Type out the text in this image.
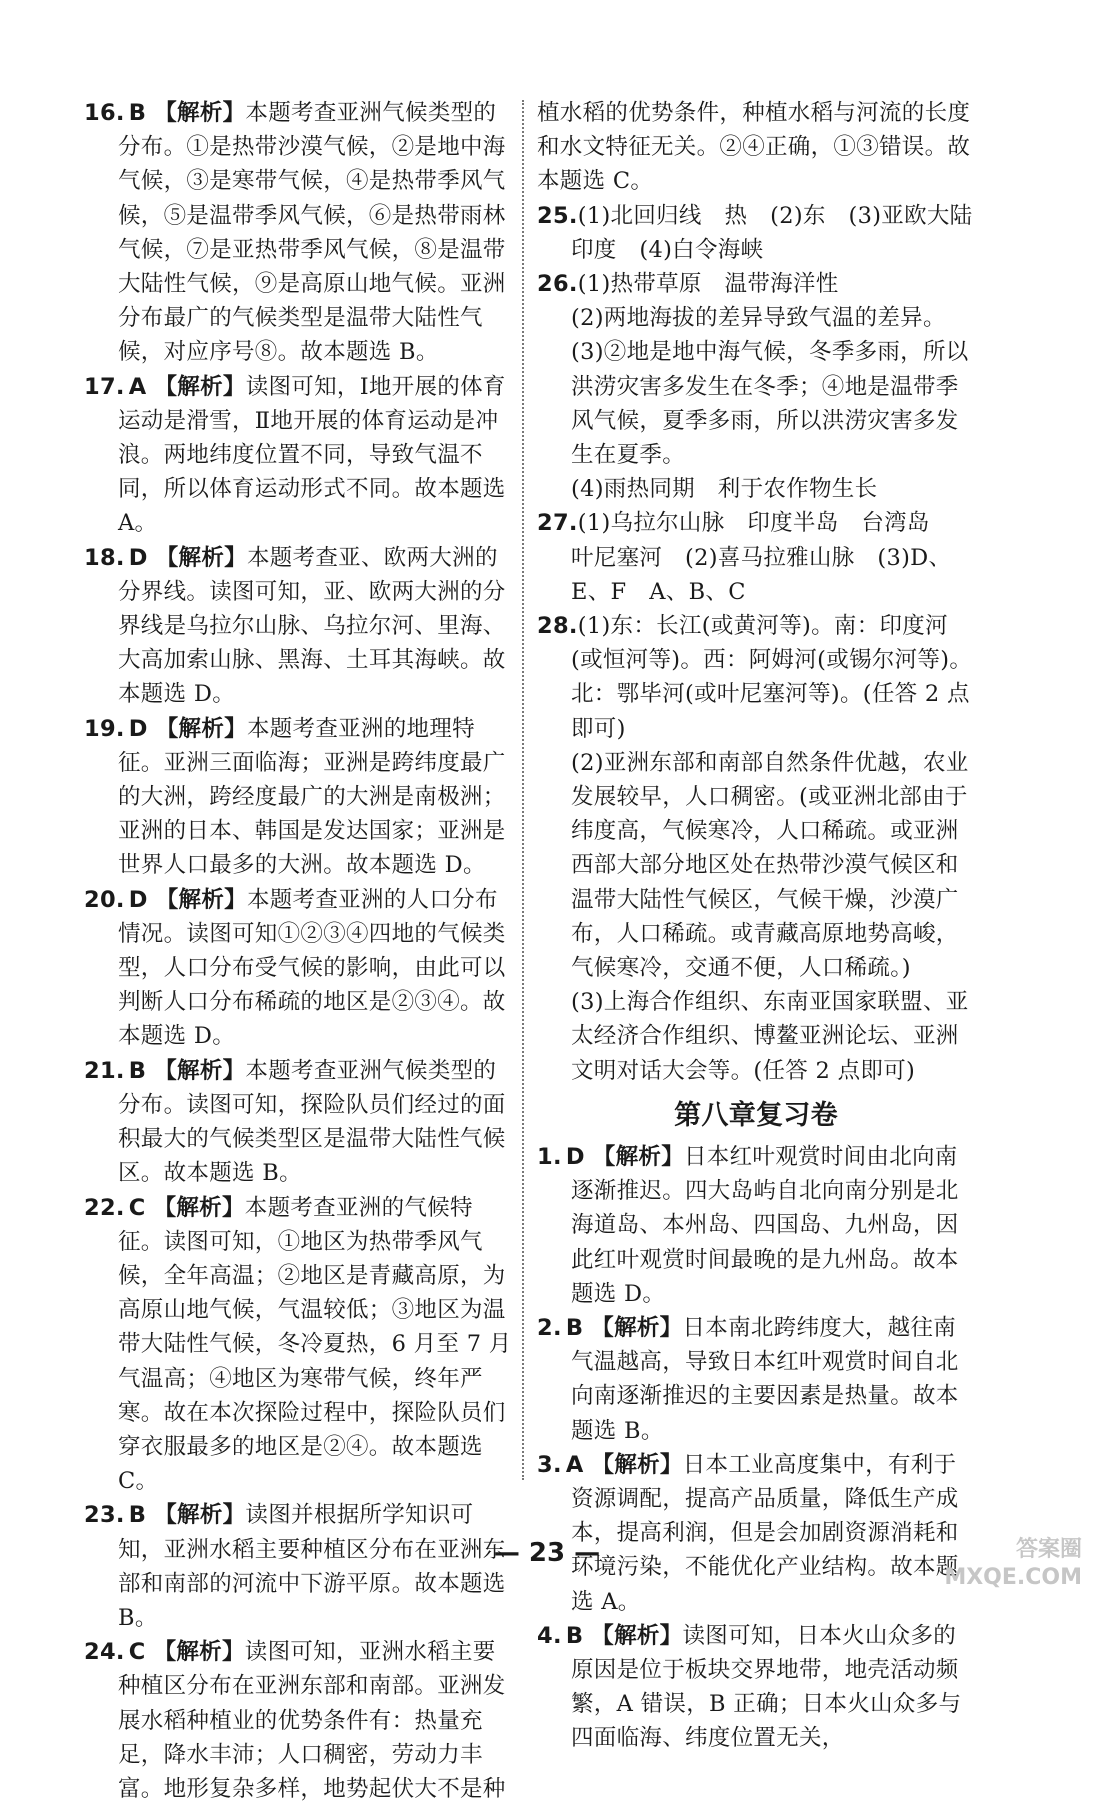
16. B 【解析】本题考查亚洲气候类型的分布。①是热带沙漠气候，②是地中海气候，③是寒带气候，④是热带季风气候，⑤是温带季风气候，⑥是热带雨林气候，⑦是亚热带季风气候，⑧是温带大陆性气候，⑨是高原山地气候。亚洲分布最广的气候类型是温带大陆性气候，对应序号⑧。故本题选 B。
17. A 【解析】读图可知，Ⅰ地开展的体育运动是滑雪，Ⅱ地开展的体育运动是冲浪。两地纬度位置不同，导致气温不同，所以体育运动形式不同。故本题选 A。
18. D 【解析】本题考查亚、欧两大洲的分界线。读图可知，亚、欧两大洲的分界线是乌拉尔山脉、乌拉尔河、里海、大高加索山脉、黑海、土耳其海峡。故本题选 D。
19. D 【解析】本题考查亚洲的地理特征。亚洲三面临海；亚洲是跨纬度最广的大洲，跨经度最广的大洲是南极洲；亚洲的日本、韩国是发达国家；亚洲是世界人口最多的大洲。故本题选 D。
20. D 【解析】本题考查亚洲的人口分布情况。读图可知①②③④四地的气候类型，人口分布受气候的影响，由此可以判断人口分布稀疏的地区是②③④。故本题选 D。
21. B 【解析】本题考查亚洲气候类型的分布。读图可知，探险队员们经过的面积最大的气候类型区是温带大陆性气候区。故本题选 B。
22. C 【解析】本题考查亚洲的气候特征。读图可知，①地区为热带季风气候，全年高温；②地区是青藏高原，为高原山地气候，气温较低；③地区为温带大陆性气候，冬冷夏热，6 月至 7 月气温高；④地区为寒带气候，终年严寒。故在本次探险过程中，探险队员们穿衣服最多的地区是②④。故本题选 C。
23. B 【解析】读图并根据所学知识可知，亚洲水稻主要种植区分布在亚洲东部和南部的河流中下游平原。故本题选 B。
24. C 【解析】读图可知，亚洲水稻主要种植区分布在亚洲东部和南部。亚洲发展水稻种植业的优势条件有：热量充足，降水丰沛；人口稠密，劳动力丰富。地形复杂多样，地势起伏大不是种
植水稻的优势条件，种植水稻与河流的长度和水文特征无关。②④正确，①③错误。故本题选 C。
25.(1)北回归线　热　(2)东　(3)亚欧大陆　印度　(4)白令海峡
26.(1)热带草原　温带海洋性
(2)两地海拔的差异导致气温的差异。
(3)②地是地中海气候，冬季多雨，所以洪涝灾害多发生在冬季；④地是温带季风气候，夏季多雨，所以洪涝灾害多发生在夏季。
(4)雨热同期　利于农作物生长
27.(1)乌拉尔山脉　印度半岛　台湾岛　叶尼塞河　(2)喜马拉雅山脉　(3)D、E、F　A、B、C
28.(1)东：长江(或黄河等)。南：印度河(或恒河等)。西：阿姆河(或锡尔河等)。北：鄂毕河(或叶尼塞河等)。(任答 2 点即可)
(2)亚洲东部和南部自然条件优越，农业发展较早，人口稠密。(或亚洲北部由于纬度高，气候寒冷，人口稀疏。或亚洲西部大部分地区处在热带沙漠气候区和温带大陆性气候区，气候干燥，沙漠广布，人口稀疏。或青藏高原地势高峻，气候寒冷，交通不便，人口稀疏。)
(3)上海合作组织、东南亚国家联盟、亚太经济合作组织、博鳌亚洲论坛、亚洲文明对话大会等。(任答 2 点即可)
第八章复习卷
1. D 【解析】日本红叶观赏时间由北向南逐渐推迟。四大岛屿自北向南分别是北海道岛、本州岛、四国岛、九州岛，因此红叶观赏时间最晚的是九州岛。故本题选 D。
2. B 【解析】日本南北跨纬度大，越往南气温越高，导致日本红叶观赏时间自北向南逐渐推迟的主要因素是热量。故本题选 B。
3. A 【解析】日本工业高度集中，有利于资源调配，提高产品质量，降低生产成本，提高利润，但是会加剧资源消耗和环境污染，不能优化产业结构。故本题选 A。
4. B 【解析】读图可知，日本火山众多的原因是位于板块交界地带，地壳活动频繁，A 错误，B 正确；日本火山众多与四面临海、纬度位置无关，
— 23 —	答案圈
MXQE.COM
